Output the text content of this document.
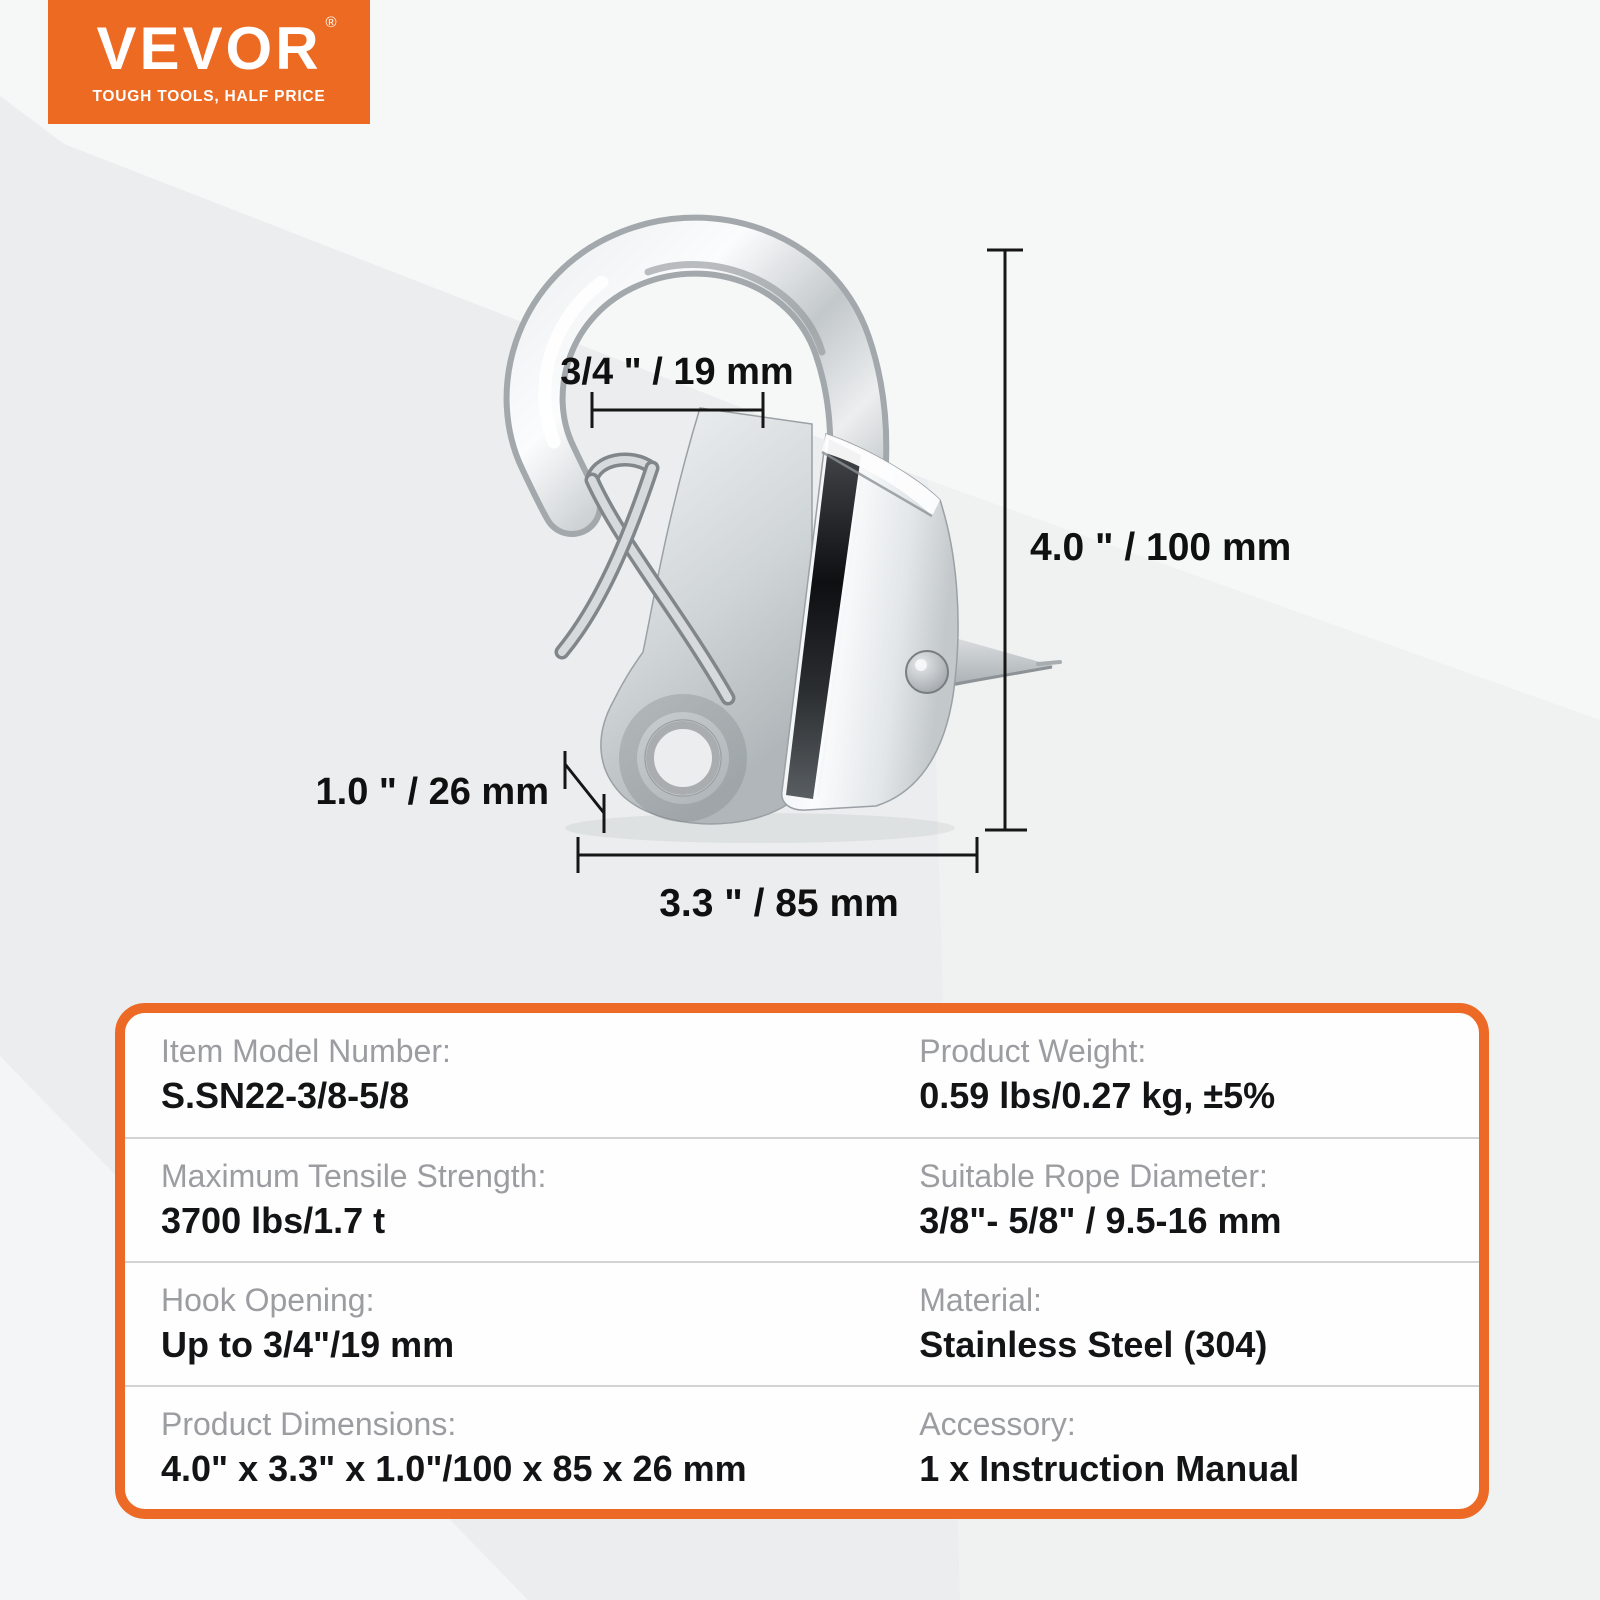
VEVOR ®
TOUGH TOOLS, HALF PRICE
3/4 " / 19 mm
4.0 " / 100 mm
1.0 " / 26 mm
3.3 " / 85 mm
Item Model Number:
S.SN22-3/8-5/8
Product Weight:
0.59 lbs/0.27 kg, ±5%
Maximum Tensile Strength:
3700 lbs/1.7 t
Suitable Rope Diameter:
3/8"- 5/8" / 9.5-16 mm
Hook Opening:
Up to 3/4"/19 mm
Material:
Stainless Steel (304)
Product Dimensions:
4.0" x 3.3" x 1.0"/100 x 85 x 26 mm
Accessory:
1 x Instruction Manual
